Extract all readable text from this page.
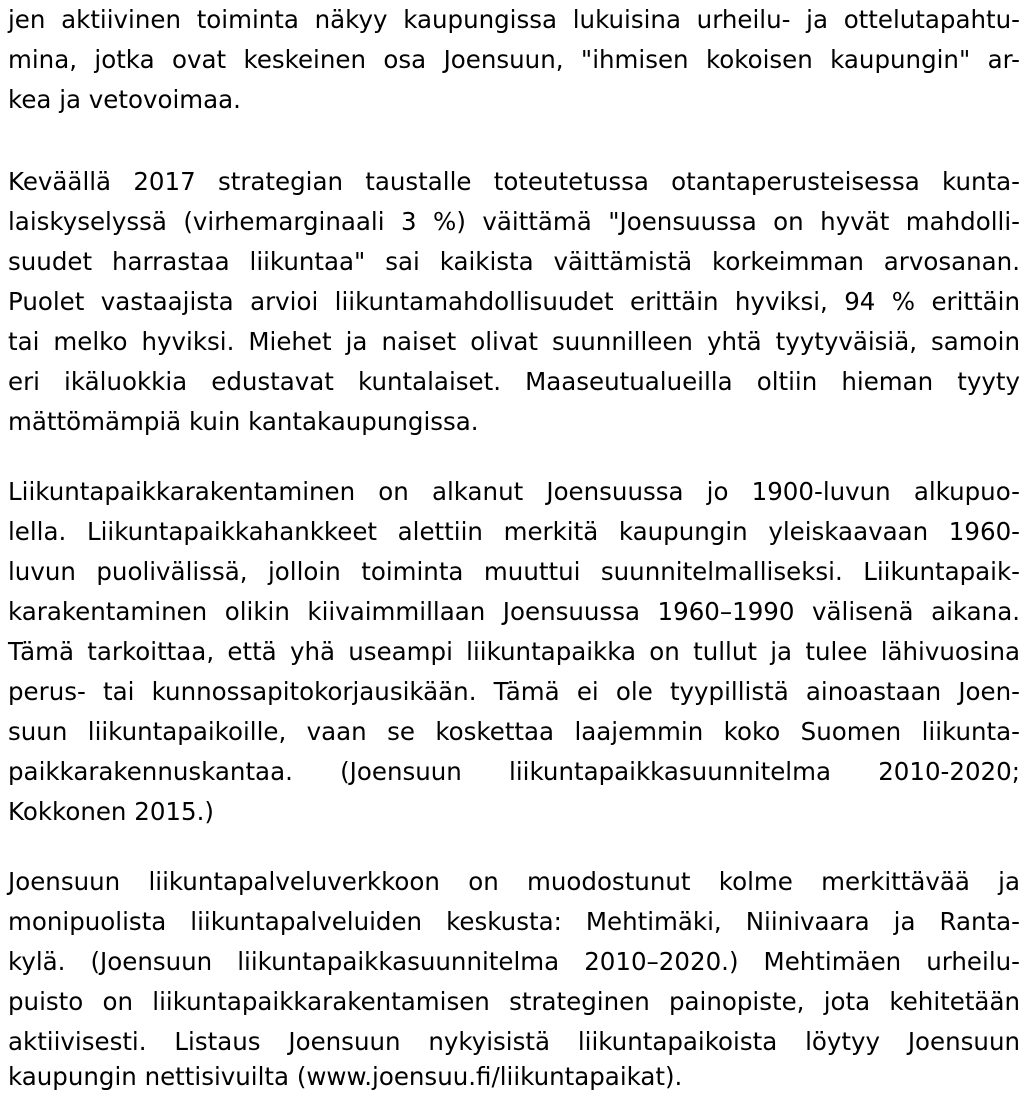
jen aktiivinen toiminta näkyy kaupungissa lukuisina urheilu- ja ottelutapahtu-
mina, jotka ovat keskeinen osa Joensuun, "ihmisen kokoisen kaupungin" ar-
kea ja vetovoimaa.
Keväällä 2017 strategian taustalle toteutetussa otantaperusteisessa kunta-
laiskyselyssä (virhemarginaali 3 %) väittämä "Joensuussa on hyvät mahdolli-
suudet harrastaa liikuntaa" sai kaikista väittämistä korkeimman arvosanan.
Puolet vastaajista arvioi liikuntamahdollisuudet erittäin hyviksi, 94 % erittäin
tai melko hyviksi. Miehet ja naiset olivat suunnilleen yhtä tyytyväisiä, samoin
eri ikäluokkia edustavat kuntalaiset. Maaseutualueilla oltiin hieman tyyty
mättömämpiä kuin kantakaupungissa.
Liikuntapaikkarakentaminen on alkanut Joensuussa jo 1900-luvun alkupuo-
lella. Liikuntapaikkahankkeet alettiin merkitä kaupungin yleiskaavaan 1960-
luvun puolivälissä, jolloin toiminta muuttui suunnitelmalliseksi. Liikuntapaik-
karakentaminen olikin kiivaimmillaan Joensuussa 1960–1990 välisenä aikana.
Tämä tarkoittaa, että yhä useampi liikuntapaikka on tullut ja tulee lähivuosina
perus- tai kunnossapitokorjausikään. Tämä ei ole tyypillistä ainoastaan Joen-
suun liikuntapaikoille, vaan se koskettaa laajemmin koko Suomen liikunta-
paikkarakennuskantaa. (Joensuun liikuntapaikkasuunnitelma 2010-2020;
Kokkonen 2015.)
Joensuun liikuntapalveluverkkoon on muodostunut kolme merkittävää ja
monipuolista liikuntapalveluiden keskusta: Mehtimäki, Niinivaara ja Ranta-
kylä. (Joensuun liikuntapaikkasuunnitelma 2010–2020.) Mehtimäen urheilu-
puisto on liikuntapaikkarakentamisen strateginen painopiste, jota kehitetään
aktiivisesti. Listaus Joensuun nykyisistä liikuntapaikoista löytyy Joensuun
kaupungin nettisivuilta (www.joensuu.fi/liikuntapaikat).
